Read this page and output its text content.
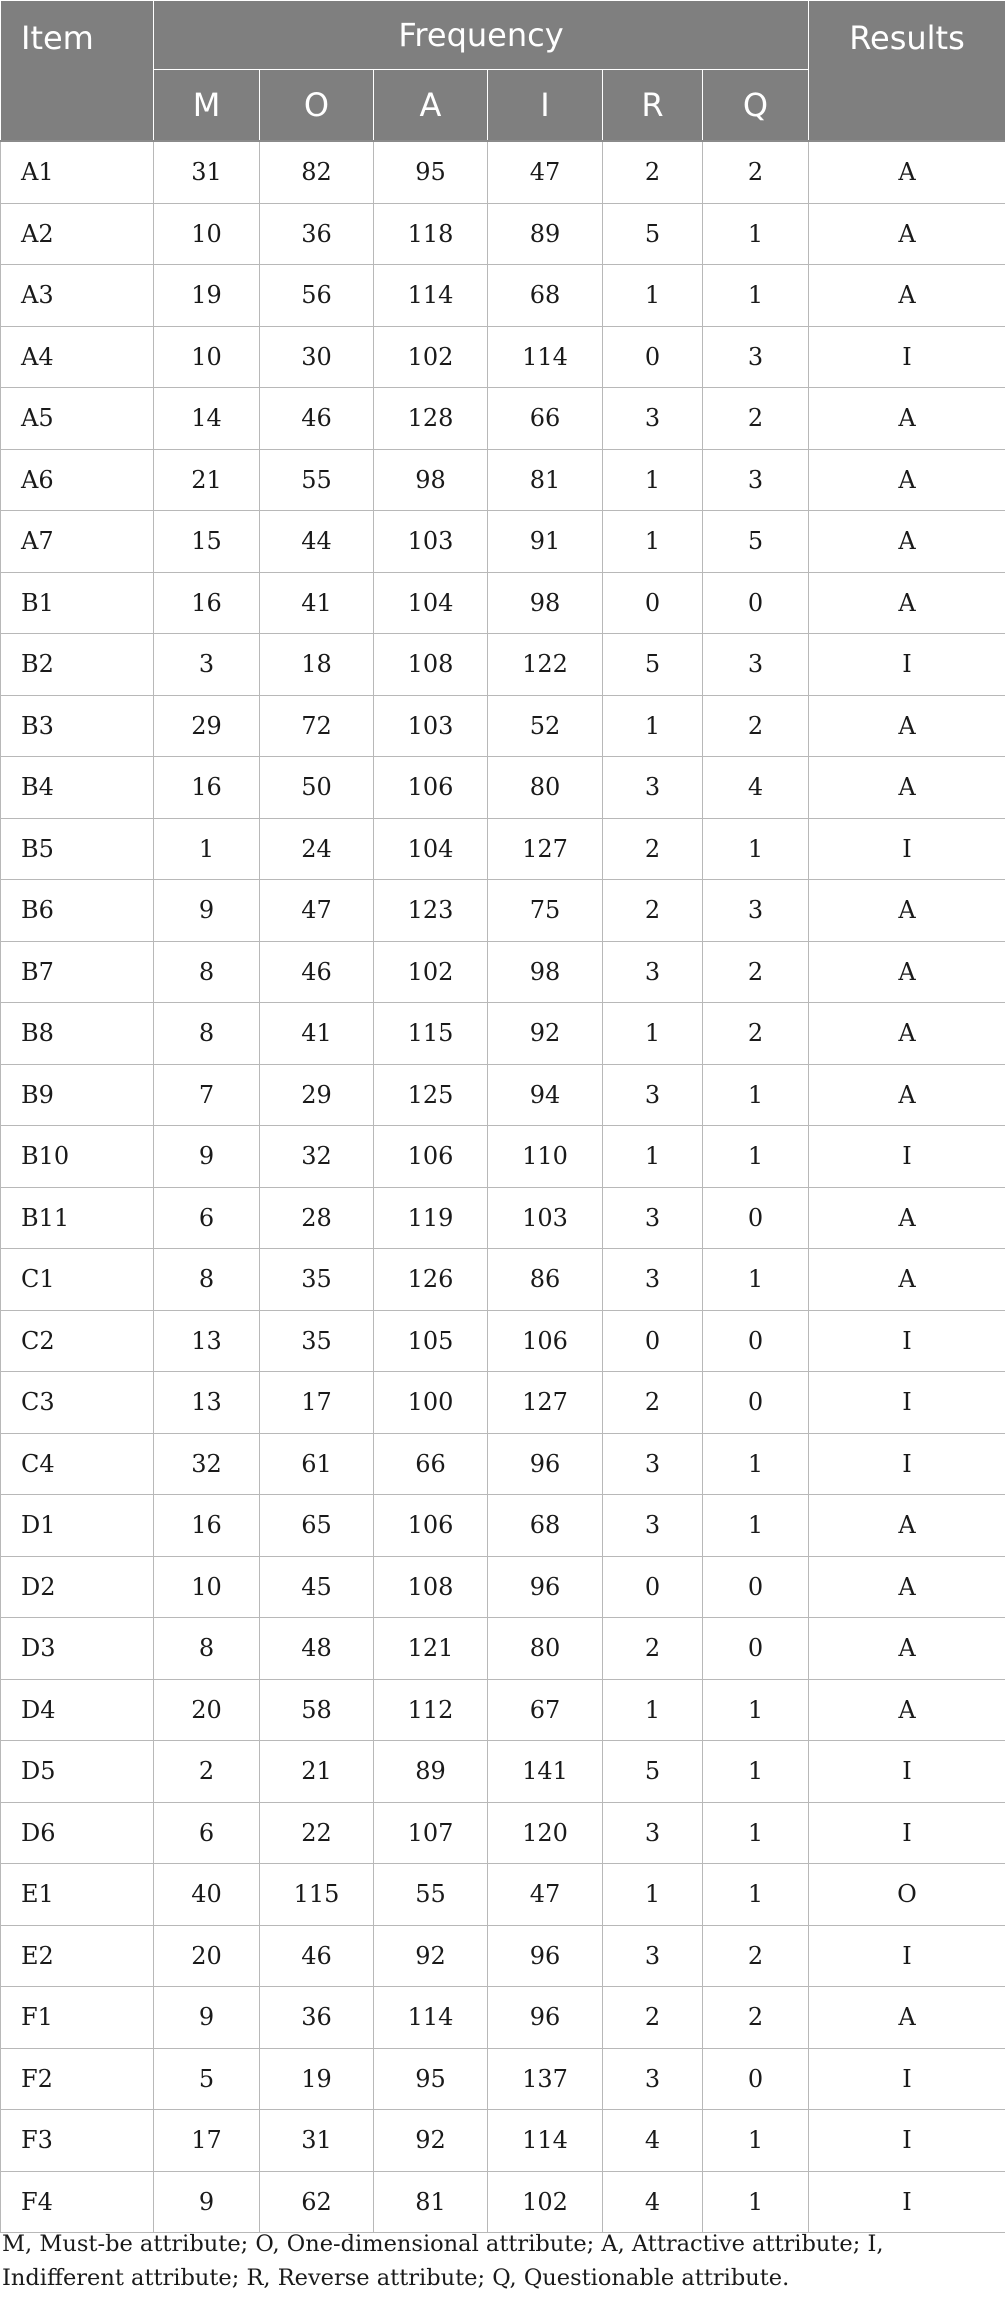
Item	Frequency						Results
	M	O	A	I	R	Q	
A1	31	82	95	47	2	2	A
A2	10	36	118	89	5	1	A
A3	19	56	114	68	1	1	A
A4	10	30	102	114	0	3	I
A5	14	46	128	66	3	2	A
A6	21	55	98	81	1	3	A
A7	15	44	103	91	1	5	A
B1	16	41	104	98	0	0	A
B2	3	18	108	122	5	3	I
B3	29	72	103	52	1	2	A
B4	16	50	106	80	3	4	A
B5	1	24	104	127	2	1	I
B6	9	47	123	75	2	3	A
B7	8	46	102	98	3	2	A
B8	8	41	115	92	1	2	A
B9	7	29	125	94	3	1	A
B10	9	32	106	110	1	1	I
B11	6	28	119	103	3	0	A
C1	8	35	126	86	3	1	A
C2	13	35	105	106	0	0	I
C3	13	17	100	127	2	0	I
C4	32	61	66	96	3	1	I
D1	16	65	106	68	3	1	A
D2	10	45	108	96	0	0	A
D3	8	48	121	80	2	0	A
D4	20	58	112	67	1	1	A
D5	2	21	89	141	5	1	I
D6	6	22	107	120	3	1	I
E1	40	115	55	47	1	1	O
E2	20	46	92	96	3	2	I
F1	9	36	114	96	2	2	A
F2	5	19	95	137	3	0	I
F3	17	31	92	114	4	1	I
F4	9	62	81	102	4	1	I
M, Must-be attribute; O, One-dimensional attribute; A, Attractive attribute; I, Indifferent attribute; R, Reverse attribute; Q, Questionable attribute.
